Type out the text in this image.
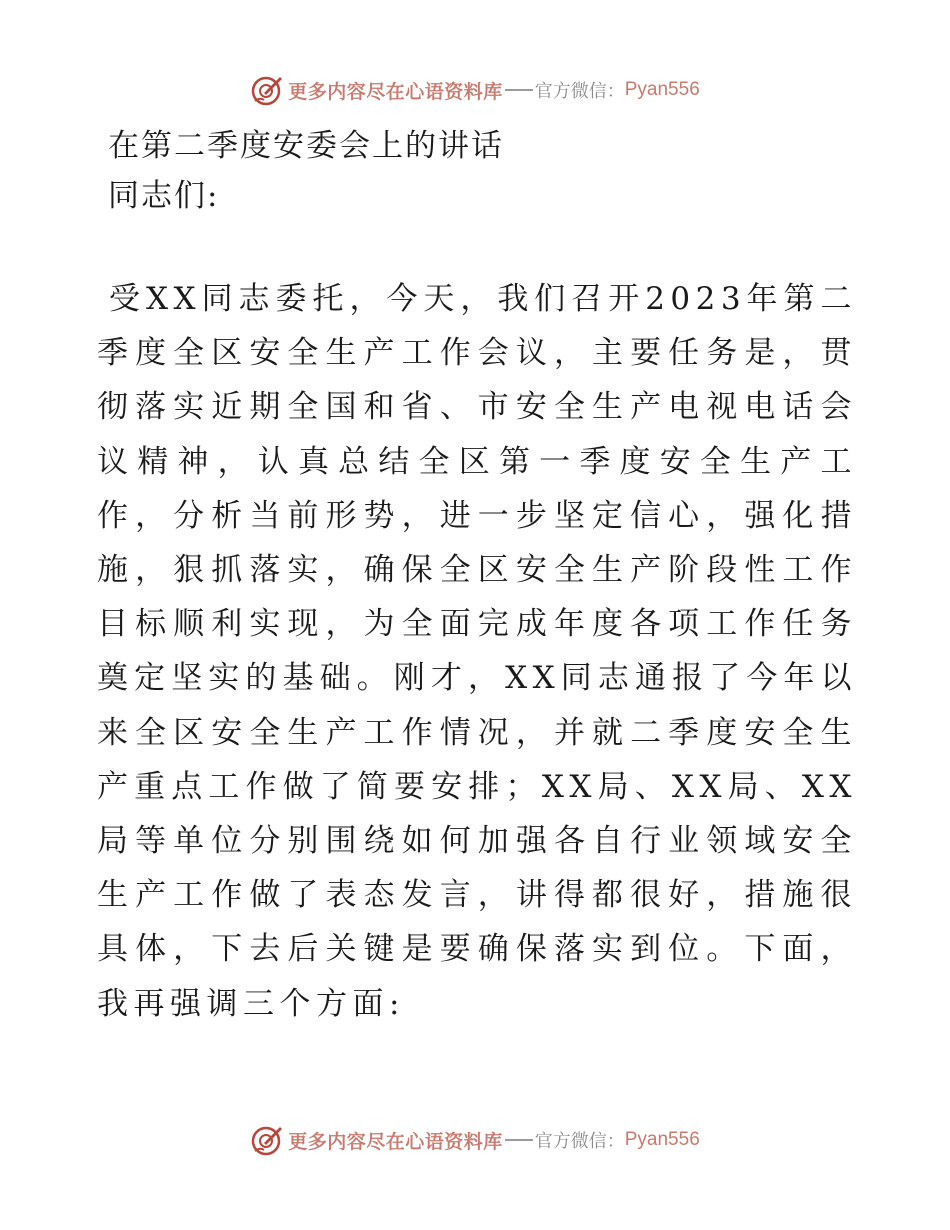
更多内容尽在心语资料库 官方微信： Pyan556
在第二季度安委会上的讲话

同志们:

受XX同志委托，今天，我们召开2023年第二季度全区安全生产工作会议，主要任务是，贯彻落实近期全国和省、市安全生产电视电话会议精神，认真总结全区第一季度安全生产工作，分析当前形势，进一步坚定信心，强化措施，狠抓落实，确保全区安全生产阶段性工作目标顺利实现，为全面完成年度各项工作任务奠定坚实的基础。刚才，XX同志通报了今年以来全区安全生产工作情况，并就二季度安全生产重点工作做了简要安排；XX局、XX局、XX局等单位分别围绕如何加强各自行业领域安全生产工作做了表态发言，讲得都很好，措施很具体，下去后关键是要确保落实到位。下面，我再强调三个方面:

更多内容尽在心语资料库 官方微信： Pyan556
